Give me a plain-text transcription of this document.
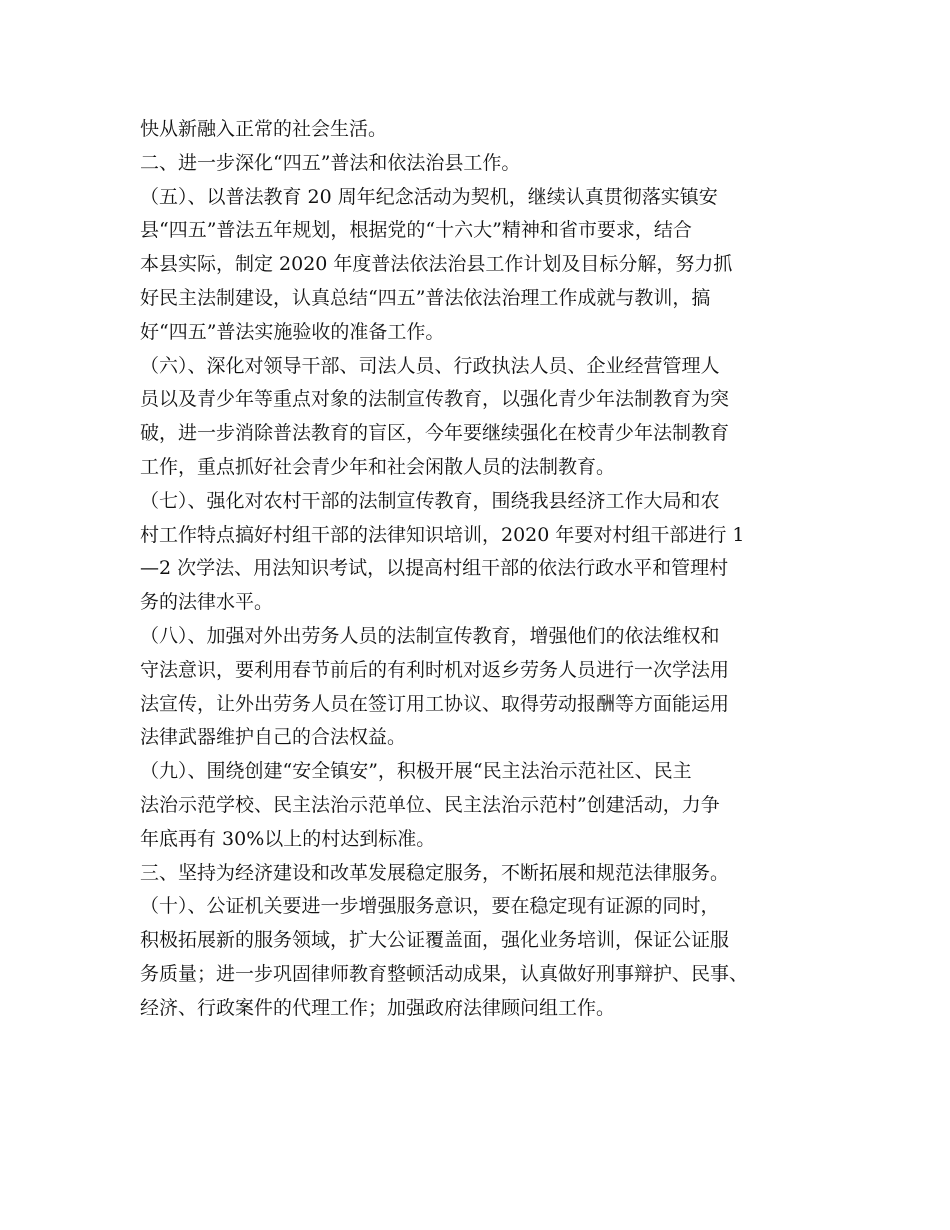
快从新融入正常的社会生活。
二、进一步深化“四五”普法和依法治县工作。
（五）、以普法教育 20 周年纪念活动为契机，继续认真贯彻落实镇安
县“四五”普法五年规划，根据党的“十六大”精神和省市要求，结合
本县实际，制定 2020 年度普法依法治县工作计划及目标分解，努力抓
好民主法制建设，认真总结“四五”普法依法治理工作成就与教训，搞
好“四五”普法实施验收的准备工作。
（六）、深化对领导干部、司法人员、行政执法人员、企业经营管理人
员以及青少年等重点对象的法制宣传教育，以强化青少年法制教育为突
破，进一步消除普法教育的盲区，今年要继续强化在校青少年法制教育
工作，重点抓好社会青少年和社会闲散人员的法制教育。
（七）、强化对农村干部的法制宣传教育，围绕我县经济工作大局和农
村工作特点搞好村组干部的法律知识培训，2020 年要对村组干部进行 1
—2 次学法、用法知识考试，以提高村组干部的依法行政水平和管理村
务的法律水平。
（八）、加强对外出劳务人员的法制宣传教育，增强他们的依法维权和
守法意识，要利用春节前后的有利时机对返乡劳务人员进行一次学法用
法宣传，让外出劳务人员在签订用工协议、取得劳动报酬等方面能运用
法律武器维护自己的合法权益。
（九）、围绕创建“安全镇安”，积极开展“民主法治示范社区、民主
法治示范学校、民主法治示范单位、民主法治示范村”创建活动，力争
年底再有 30%以上的村达到标准。
三、坚持为经济建设和改革发展稳定服务，不断拓展和规范法律服务。
（十）、公证机关要进一步增强服务意识，要在稳定现有证源的同时，
积极拓展新的服务领域，扩大公证覆盖面，强化业务培训，保证公证服
务质量；进一步巩固律师教育整顿活动成果，认真做好刑事辩护、民事、
经济、行政案件的代理工作；加强政府法律顾问组工作。
